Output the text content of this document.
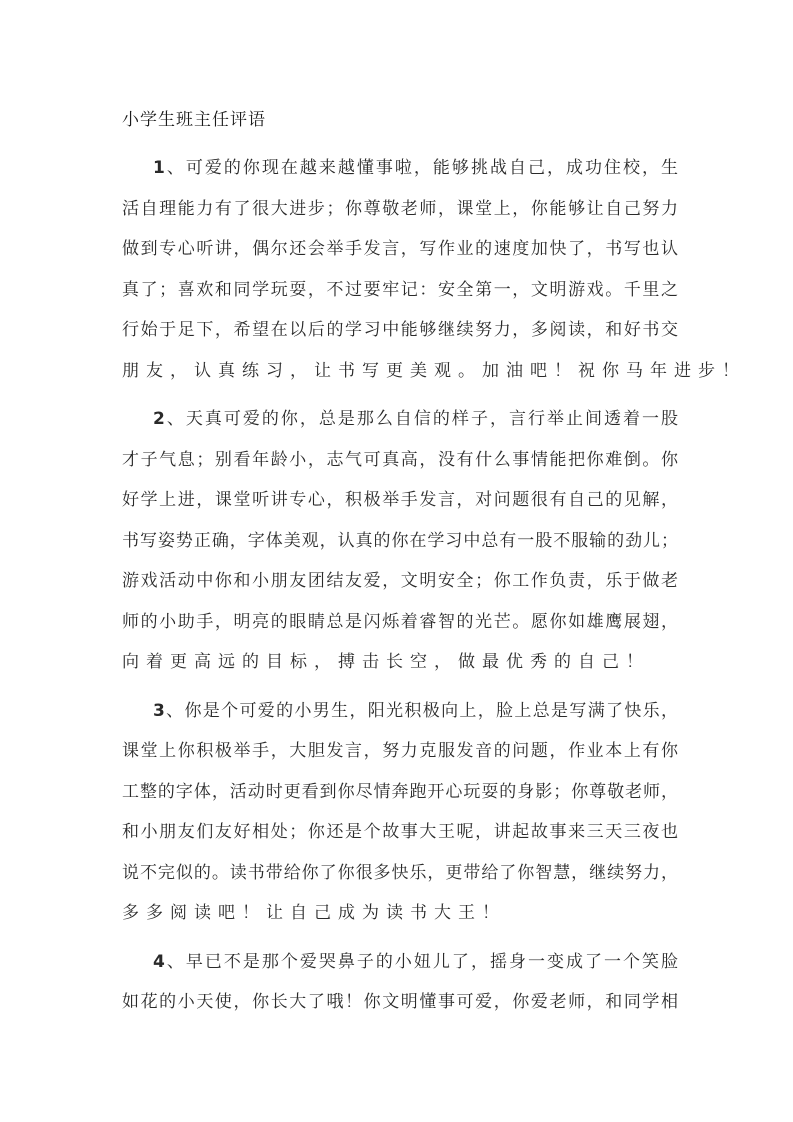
小学生班主任评语
1、可爱的你现在越来越懂事啦，能够挑战自己，成功住校，生
活自理能力有了很大进步；你尊敬老师，课堂上，你能够让自己努力
做到专心听讲，偶尔还会举手发言，写作业的速度加快了，书写也认
真了；喜欢和同学玩耍，不过要牢记：安全第一，文明游戏。千里之
行始于足下，希望在以后的学习中能够继续努力，多阅读，和好书交
朋友，认真练习，让书写更美观。加油吧！祝你马年进步！
2、天真可爱的你，总是那么自信的样子，言行举止间透着一股
才子气息；别看年龄小，志气可真高，没有什么事情能把你难倒。你
好学上进，课堂听讲专心，积极举手发言，对问题很有自己的见解，
书写姿势正确，字体美观，认真的你在学习中总有一股不服输的劲儿；
游戏活动中你和小朋友团结友爱，文明安全；你工作负责，乐于做老
师的小助手，明亮的眼睛总是闪烁着睿智的光芒。愿你如雄鹰展翅，
向着更高远的目标，搏击长空，做最优秀的自己！
3、你是个可爱的小男生，阳光积极向上，脸上总是写满了快乐，
课堂上你积极举手，大胆发言，努力克服发音的问题，作业本上有你
工整的字体，活动时更看到你尽情奔跑开心玩耍的身影；你尊敬老师，
和小朋友们友好相处；你还是个故事大王呢，讲起故事来三天三夜也
说不完似的。读书带给你了你很多快乐，更带给了你智慧，继续努力，
多多阅读吧！让自己成为读书大王！
4、早已不是那个爱哭鼻子的小妞儿了，摇身一变成了一个笑脸
如花的小天使，你长大了哦！你文明懂事可爱，你爱老师，和同学相
